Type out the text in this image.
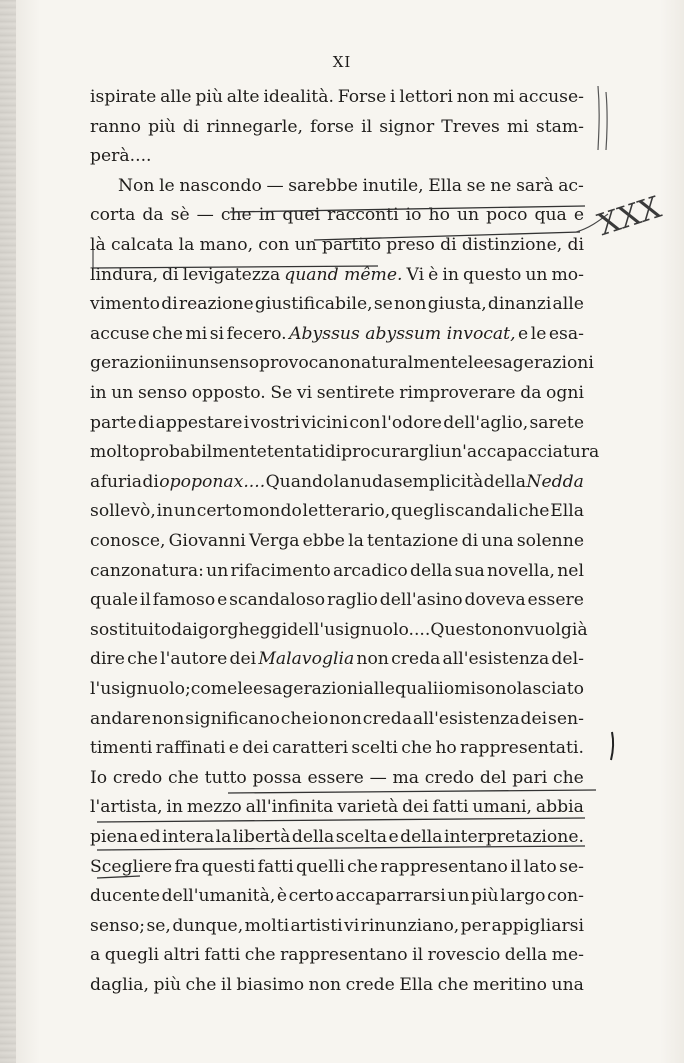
XI
ispirate alle più alte idealità. Forse i lettori non mi accuse-
ranno più di rinnegarle, forse il signor Treves mi stam-
perà....
Non le nascondo — sarebbe inutile, Ella se ne sarà ac-
corta da sè — che in quei racconti io ho un poco qua e
là calcata la mano, con un partito preso di distinzione, di
lindura, di levigatezza quand même. Vi è in questo un mo-
vimento di reazione giustificabile, se non giusta, dinanzi alle
accuse che mi si fecero. Abyssus abyssum invocat, e le esa-
gerazioni in un senso provocano naturalmente le esagerazioni
in un senso opposto. Se vi sentirete rimproverare da ogni
parte di appestare i vostri vicini con l'odore dell'aglio, sarete
molto probabilmente tentati di procurargli un'accapacciatura
a furia di opoponax.... Quando la nuda semplicità della Nedda
sollevò, in un certo mondo letterario, quegli scandali che Ella
conosce, Giovanni Verga ebbe la tentazione di una solenne
canzonatura: un rifacimento arcadico della sua novella, nel
quale il famoso e scandaloso raglio dell'asino doveva essere
sostituito dai gorgheggi dell'usignuolo.... Questo non vuol già
dire che l'autore dei Malavoglia non creda all'esistenza del-
l'usignuolo; come le esagerazioni alle quali io mi sono lasciato
andare non significano che io non creda all'esistenza dei sen-
timenti raffinati e dei caratteri scelti che ho rappresentati.
Io credo che tutto possa essere — ma credo del pari che
l'artista, in mezzo all'infinita varietà dei fatti umani, abbia
piena ed intera la libertà della scelta e della interpretazione.
Scegliere fra questi fatti quelli che rappresentano il lato se-
ducente dell'umanità, è certo accaparrarsi un più largo con-
senso; se, dunque, molti artisti vi rinunziano, per appigliarsi
a quegli altri fatti che rappresentano il rovescio della me-
daglia, più che il biasimo non crede Ella che meritino una
XXX
